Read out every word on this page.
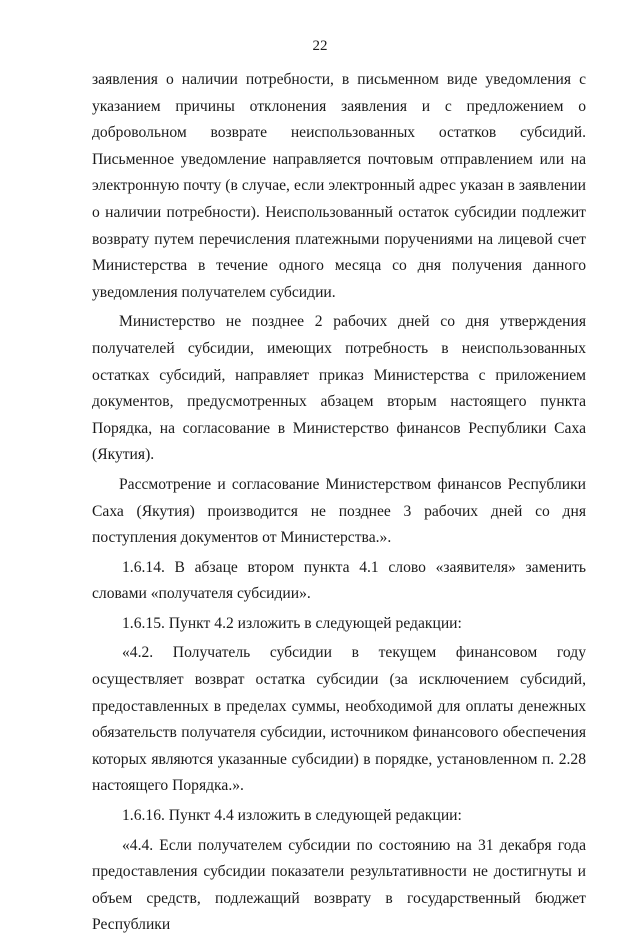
22

заявления о наличии потребности, в письменном виде уведомления с указанием причины отклонения заявления и с предложением о добровольном возврате неиспользованных остатков субсидий. Письменное уведомление направляется почтовым отправлением или на электронную почту (в случае, если электронный адрес указан в заявлении о наличии потребности). Неиспользованный остаток субсидии подлежит возврату путем перечисления платежными поручениями на лицевой счет Министерства в течение одного месяца со дня получения данного уведомления получателем субсидии.

Министерство не позднее 2 рабочих дней со дня утверждения получателей субсидии, имеющих потребность в неиспользованных остатках субсидий, направляет приказ Министерства с приложением документов, предусмотренных абзацем вторым настоящего пункта Порядка, на согласование в Министерство финансов Республики Саха (Якутия).

Рассмотрение и согласование Министерством финансов Республики Саха (Якутия) производится не позднее 3 рабочих дней со дня поступления документов от Министерства.».

1.6.14. В абзаце втором пункта 4.1 слово «заявителя» заменить словами «получателя субсидии».

1.6.15. Пункт 4.2 изложить в следующей редакции:

«4.2. Получатель субсидии в текущем финансовом году осуществляет возврат остатка субсидии (за исключением субсидий, предоставленных в пределах суммы, необходимой для оплаты денежных обязательств получателя субсидии, источником финансового обеспечения которых являются указанные субсидии) в порядке, установленном п. 2.28 настоящего Порядка.».

1.6.16. Пункт 4.4 изложить в следующей редакции:

«4.4. Если получателем субсидии по состоянию на 31 декабря года предоставления субсидии показатели результативности не достигнуты и объем средств, подлежащий возврату в государственный бюджет Республики
